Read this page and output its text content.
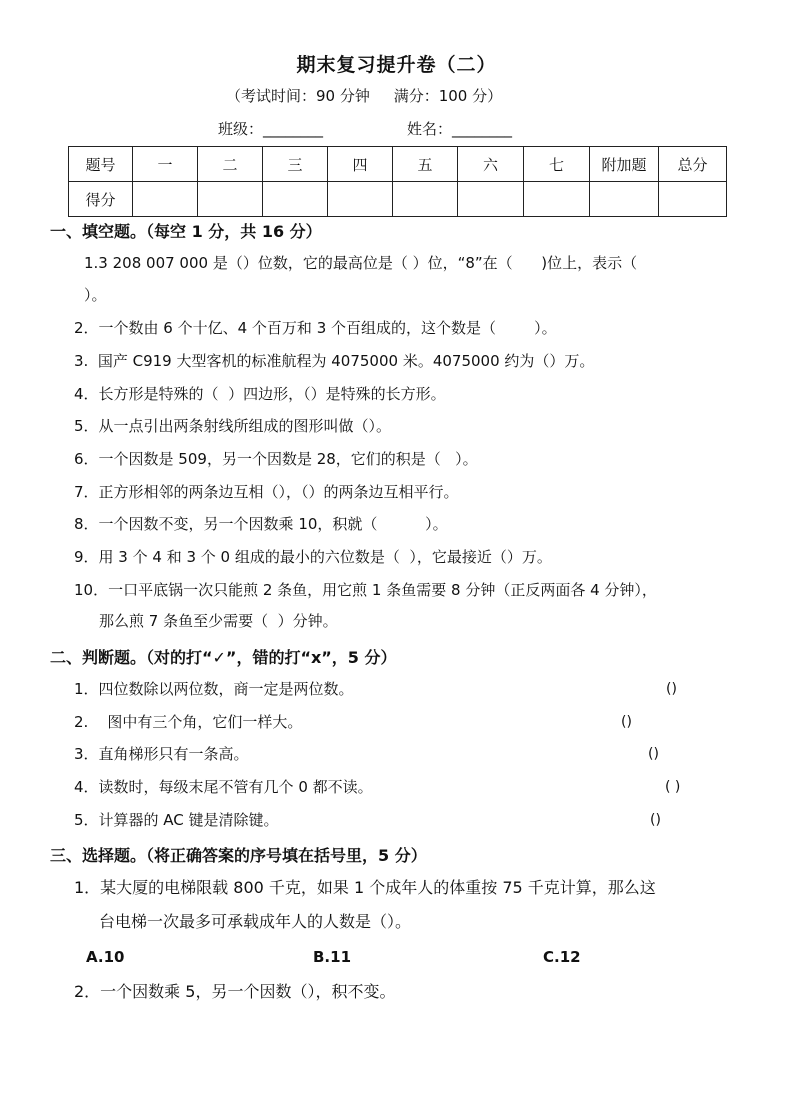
期末复习提升卷（二）
（考试时间：90 分钟     满分：100 分）
班级：________	姓名：________
题号	一	二	三	四	五	六	七	附加题	总分
得分									
一、填空题。（每空 1 分，共 16 分）
1.3 208 007 000 是（）位数，它的最高位是（ ）位，“8”在（      )位上，表示（
）。
2．一个数由 6 个十亿、4 个百万和 3 个百组成的，这个数是（        ）。
3.  国产 C919 大型客机的标准航程为 4075000 米。4075000 约为（）万。
4．长方形是特殊的（  ）四边形，（）是特殊的长方形。
5．从一点引出两条射线所组成的图形叫做（）。
6．一个因数是 509，另一个因数是 28，它们的积是（   ）。
7．正方形相邻的两条边互相（），（）的两条边互相平行。
8．一个因数不变，另一个因数乘 10，积就（          ）。
9．用 3 个 4 和 3 个 0 组成的最小的六位数是（  ），它最接近（）万。
10．一口平底锅一次只能煎 2 条鱼，用它煎 1 条鱼需要 8 分钟（正反两面各 4 分钟），
那么煎 7 条鱼至少需要（  ）分钟。
二、判断题。（对的打“✓”，错的打“x”，5 分）
1．四位数除以两位数，商一定是两位数。	()
2.    图中有三个角，它们一样大。	()
3．直角梯形只有一条高。	()
4．读数时，每级末尾不管有几个 0 都不读。	( )
5．计算器的 AC 键是清除键。	()
三、选择题。（将正确答案的序号填在括号里，5 分）
1．某大厦的电梯限载 800 千克，如果 1 个成年人的体重按 75 千克计算，那么这
台电梯一次最多可承载成年人的人数是（）。
A.10	B.11	C.12
2．一个因数乘 5，另一个因数（），积不变。
